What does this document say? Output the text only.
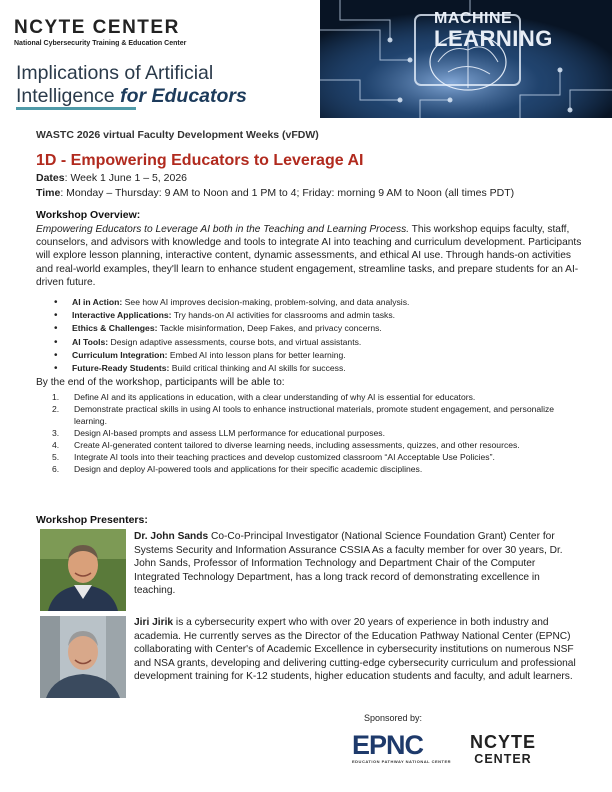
NCYTE CENTER
National Cybersecurity Training & Education Center
Implications of Artificial
Intelligence for Educators
MACHINE
LEARNING
WASTC 2026 virtual Faculty Development Weeks (vFDW)
1D - Empowering Educators to Leverage AI
Dates: Week 1 June 1 – 5, 2026
Time: Monday – Thursday: 9 AM to Noon and 1 PM to 4; Friday: morning 9 AM to Noon (all times PDT)
Workshop Overview:
Empowering Educators to Leverage AI both in the Teaching and Learning Process. This workshop equips faculty, staff, counselors, and advisors with knowledge and tools to integrate AI into teaching and curriculum development. Participants will explore lesson planning, interactive content, dynamic assessments, and ethical AI use. Through hands-on activities and real-world examples, they'll learn to enhance student engagement, streamline tasks, and prepare students for an AI-driven future.
• AI in Action: See how AI improves decision-making, problem-solving, and data analysis.
• Interactive Applications: Try hands-on AI activities for classrooms and admin tasks.
• Ethics & Challenges: Tackle misinformation, Deep Fakes, and privacy concerns.
• AI Tools: Design adaptive assessments, course bots, and virtual assistants.
• Curriculum Integration: Embed AI into lesson plans for better learning.
• Future-Ready Students: Build critical thinking and AI skills for success.
By the end of the workshop, participants will be able to:
1. Define AI and its applications in education, with a clear understanding of why AI is essential for educators.
2. Demonstrate practical skills in using AI tools to enhance instructional materials, promote student engagement, and personalize learning.
3. Design AI-based prompts and assess LLM performance for educational purposes.
4. Create AI-generated content tailored to diverse learning needs, including assessments, quizzes, and other resources.
5. Integrate AI tools into their teaching practices and develop customized classroom “AI Acceptable Use Policies”.
6. Design and deploy AI-powered tools and applications for their specific academic disciplines.
Workshop Presenters:
Dr. John Sands Co-Co-Principal Investigator (National Science Foundation Grant) Center for Systems Security and Information Assurance CSSIA As a faculty member for over 30 years, Dr. John Sands, Professor of Information Technology and Department Chair of the Computer Integrated Technology Department, has a long track record of demonstrating excellence in teaching.
Jiri Jirik is a cybersecurity expert who with over 20 years of experience in both industry and academia. He currently serves as the Director of the Education Pathway National Center (EPNC) collaborating with Center's of Academic Excellence in cybersecurity institutions on numerous NSF and NSA grants, developing and delivering cutting-edge cybersecurity curriculum and professional development training for K-12 students, higher education students and faculty, and adult learners.
Sponsored by:
EPNC
EDUCATION PATHWAY NATIONAL CENTER
NCYTE
CENTER
